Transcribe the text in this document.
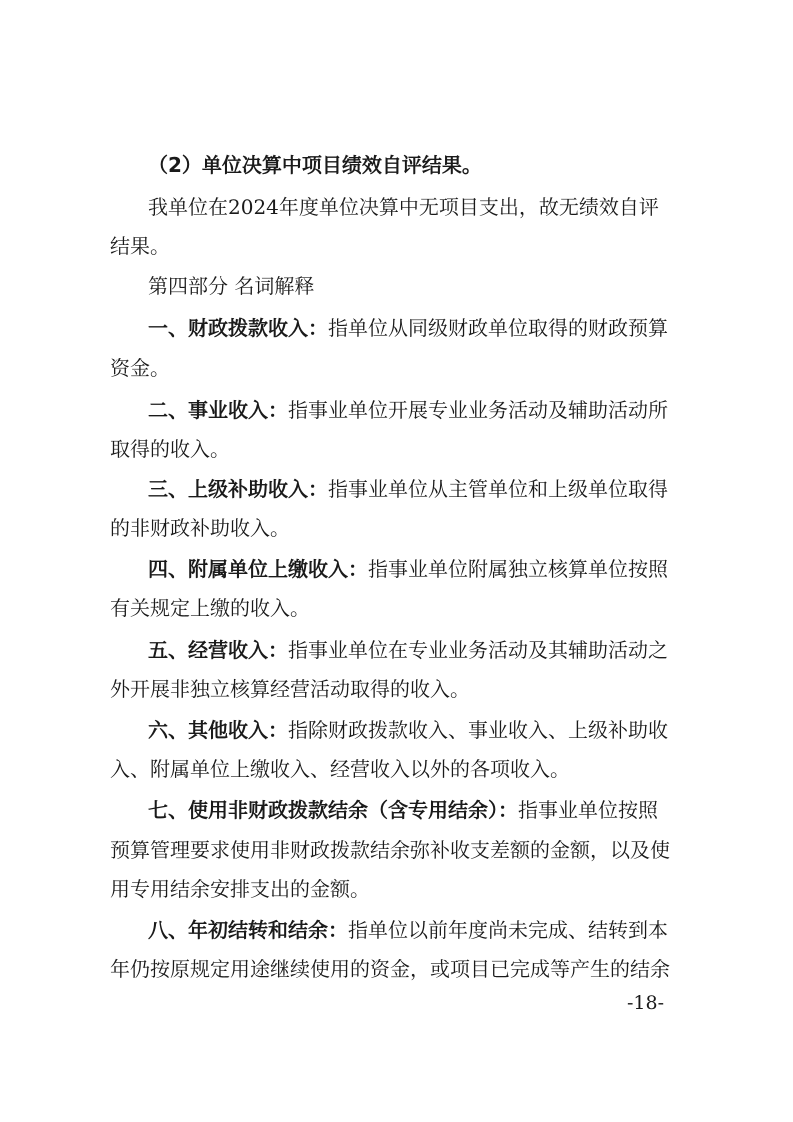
（2）单位决算中项目绩效自评结果。
我单位在2024年度单位决算中无项目支出，故无绩效自评
结果。
第四部分 名词解释
一、财政拨款收入：指单位从同级财政单位取得的财政预算
资金。
二、事业收入：指事业单位开展专业业务活动及辅助活动所
取得的收入。
三、上级补助收入：指事业单位从主管单位和上级单位取得
的非财政补助收入。
四、附属单位上缴收入：指事业单位附属独立核算单位按照
有关规定上缴的收入。
五、经营收入：指事业单位在专业业务活动及其辅助活动之
外开展非独立核算经营活动取得的收入。
六、其他收入：指除财政拨款收入、事业收入、上级补助收
入、附属单位上缴收入、经营收入以外的各项收入。
七、使用非财政拨款结余（含专用结余）：指事业单位按照
预算管理要求使用非财政拨款结余弥补收支差额的金额，以及使
用专用结余安排支出的金额。
八、年初结转和结余：指单位以前年度尚未完成、结转到本
年仍按原规定用途继续使用的资金，或项目已完成等产生的结余
-18-
